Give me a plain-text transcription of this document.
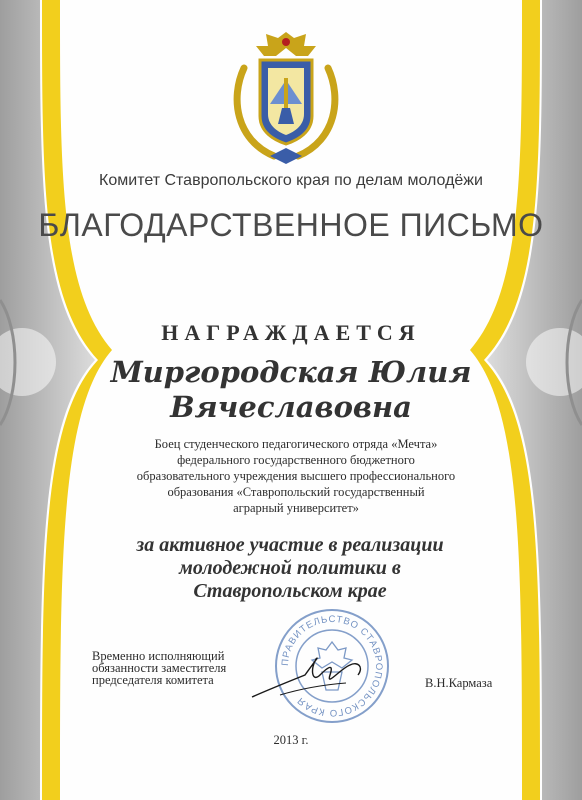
Комитет Ставропольского края по делам молодёжи
БЛАГОДАРСТВЕННОЕ ПИСЬМО
НАГРАЖДАЕТСЯ
Миргородская Юлия
Вячеславовна
Боец студенческого педагогического отряда «Мечта»
федерального государственного бюджетного
образовательного учреждения высшего профессионального
образования «Ставропольский государственный
аграрный университет»
за активное участие в реализации
молодежной политики в
Ставропольском крае
ПРАВИТЕЛЬСТВО СТАВРОПОЛЬСКОГО КРАЯ
Временно исполняющий
обязанности заместителя
председателя комитета	В.Н.Кармаза
2013 г.
